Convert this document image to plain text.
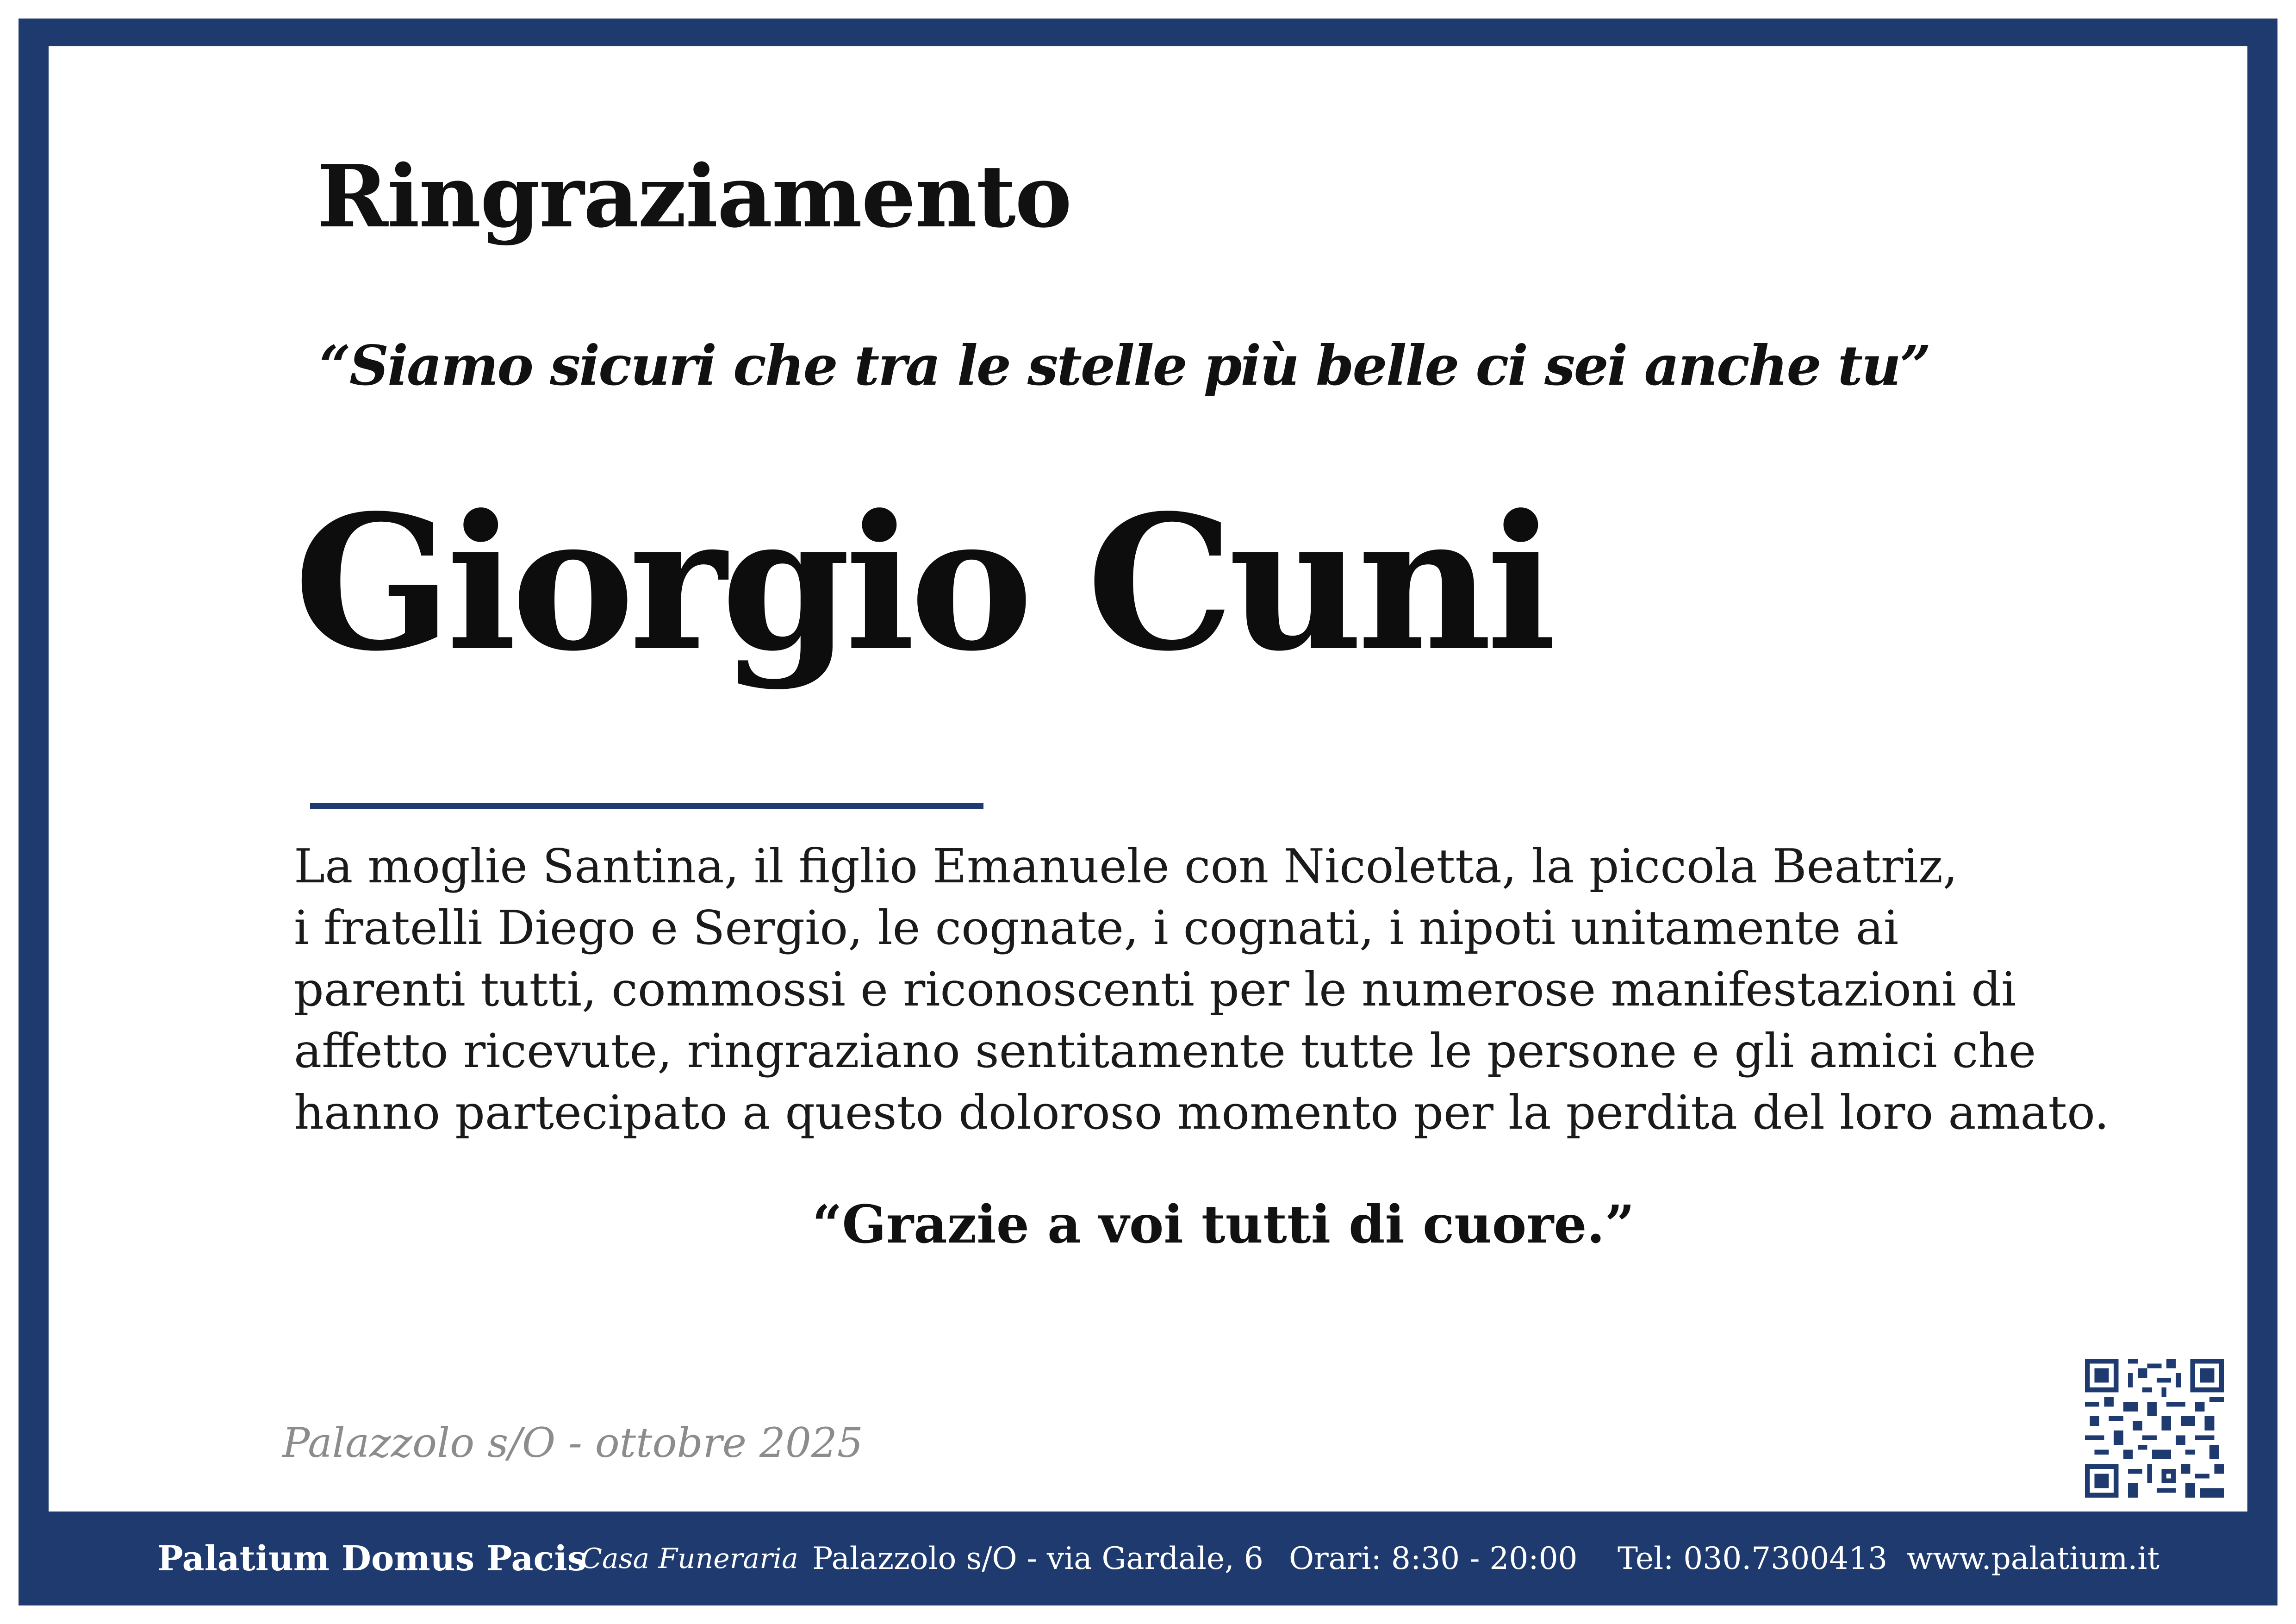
Ringraziamento
“Siamo sicuri che tra le stelle più belle ci sei anche tu”
Giorgio Cuni
La moglie Santina, il figlio Emanuele con Nicoletta, la piccola Beatriz,
i fratelli Diego e Sergio, le cognate, i cognati, i nipoti unitamente ai
parenti tutti, commossi e riconoscenti per le numerose manifestazioni di
affetto ricevute, ringraziano sentitamente tutte le persone e gli amici che
hanno partecipato a questo doloroso momento per la perdita del loro amato.
“Grazie a voi tutti di cuore.”
Palazzolo s/O - ottobre 2025
Palatium Domus Pacis
Casa Funeraria Palazzolo s/O - via Gardale, 6 Orari: 8:30 - 20:00 Tel: 030.7300413 www.palatium.it
